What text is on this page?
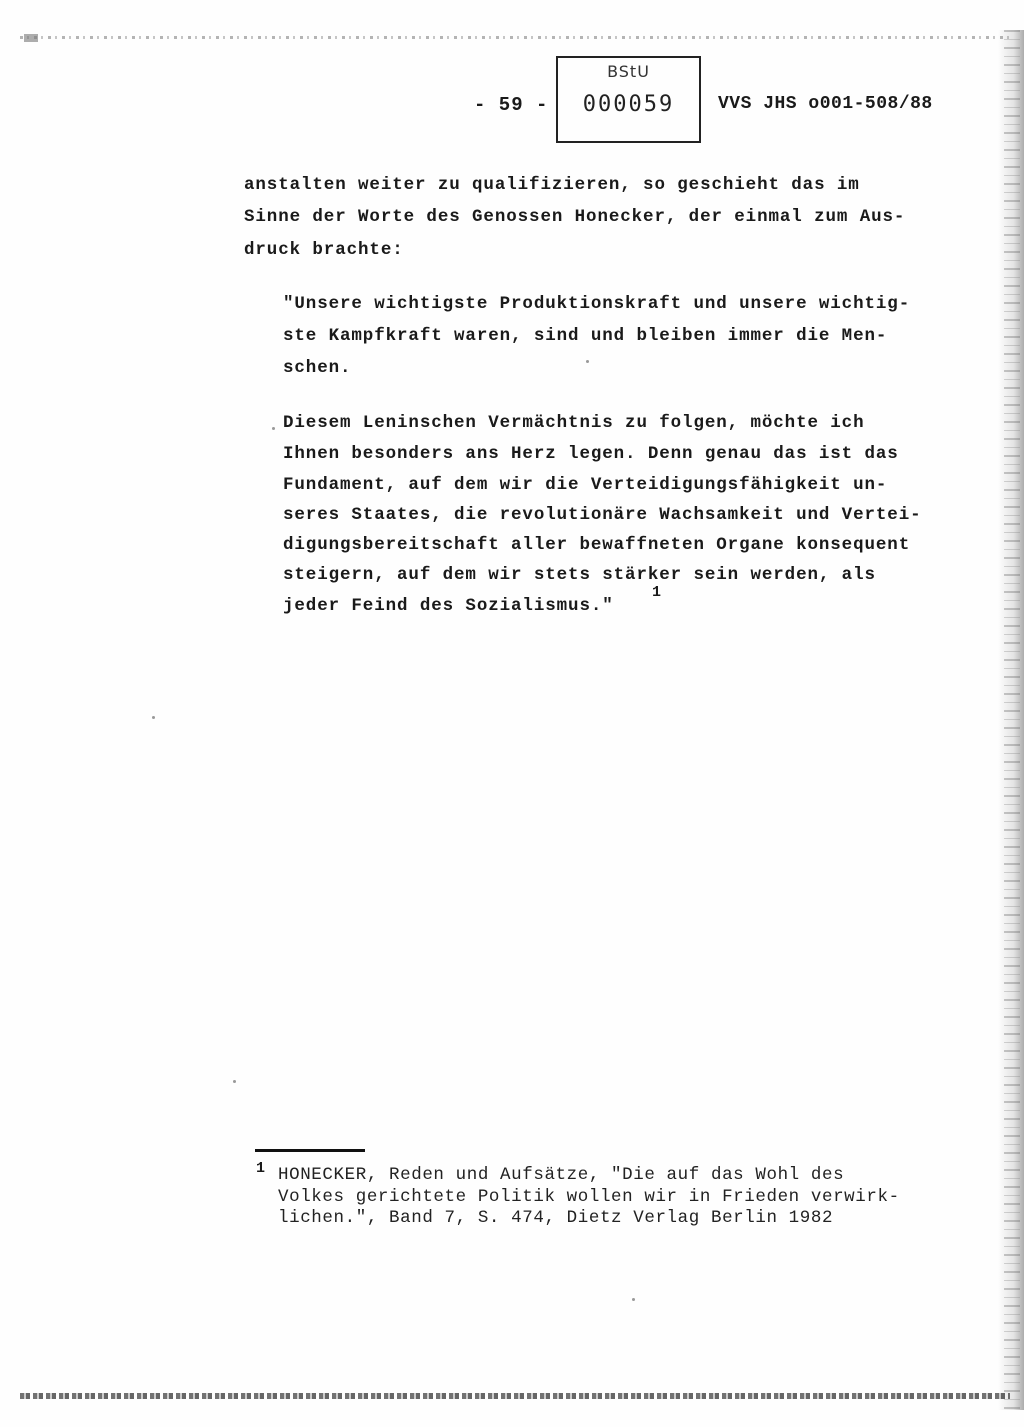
- 59 -
BStU
000059	VVS JHS o001-508/88
anstalten weiter zu qualifizieren, so geschieht das im
Sinne der Worte des Genossen Honecker, der einmal zum Aus-
druck brachte:
"Unsere wichtigste Produktionskraft und unsere wichtig-
ste Kampfkraft waren, sind und bleiben immer die Men-
schen.
Diesem Leninschen Vermächtnis zu folgen, möchte ich
Ihnen besonders ans Herz legen. Denn genau das ist das
Fundament, auf dem wir die Verteidigungsfähigkeit un-
seres Staates, die revolutionäre Wachsamkeit und Vertei-
digungsbereitschaft aller bewaffneten Organe konsequent
steigern, auf dem wir stets stärker sein werden, als
jeder Feind des Sozialismus."
1
1 HONECKER, Reden und Aufsätze, "Die auf das Wohl des
Volkes gerichtete Politik wollen wir in Frieden verwirk-
lichen.", Band 7, S. 474, Dietz Verlag Berlin 1982
